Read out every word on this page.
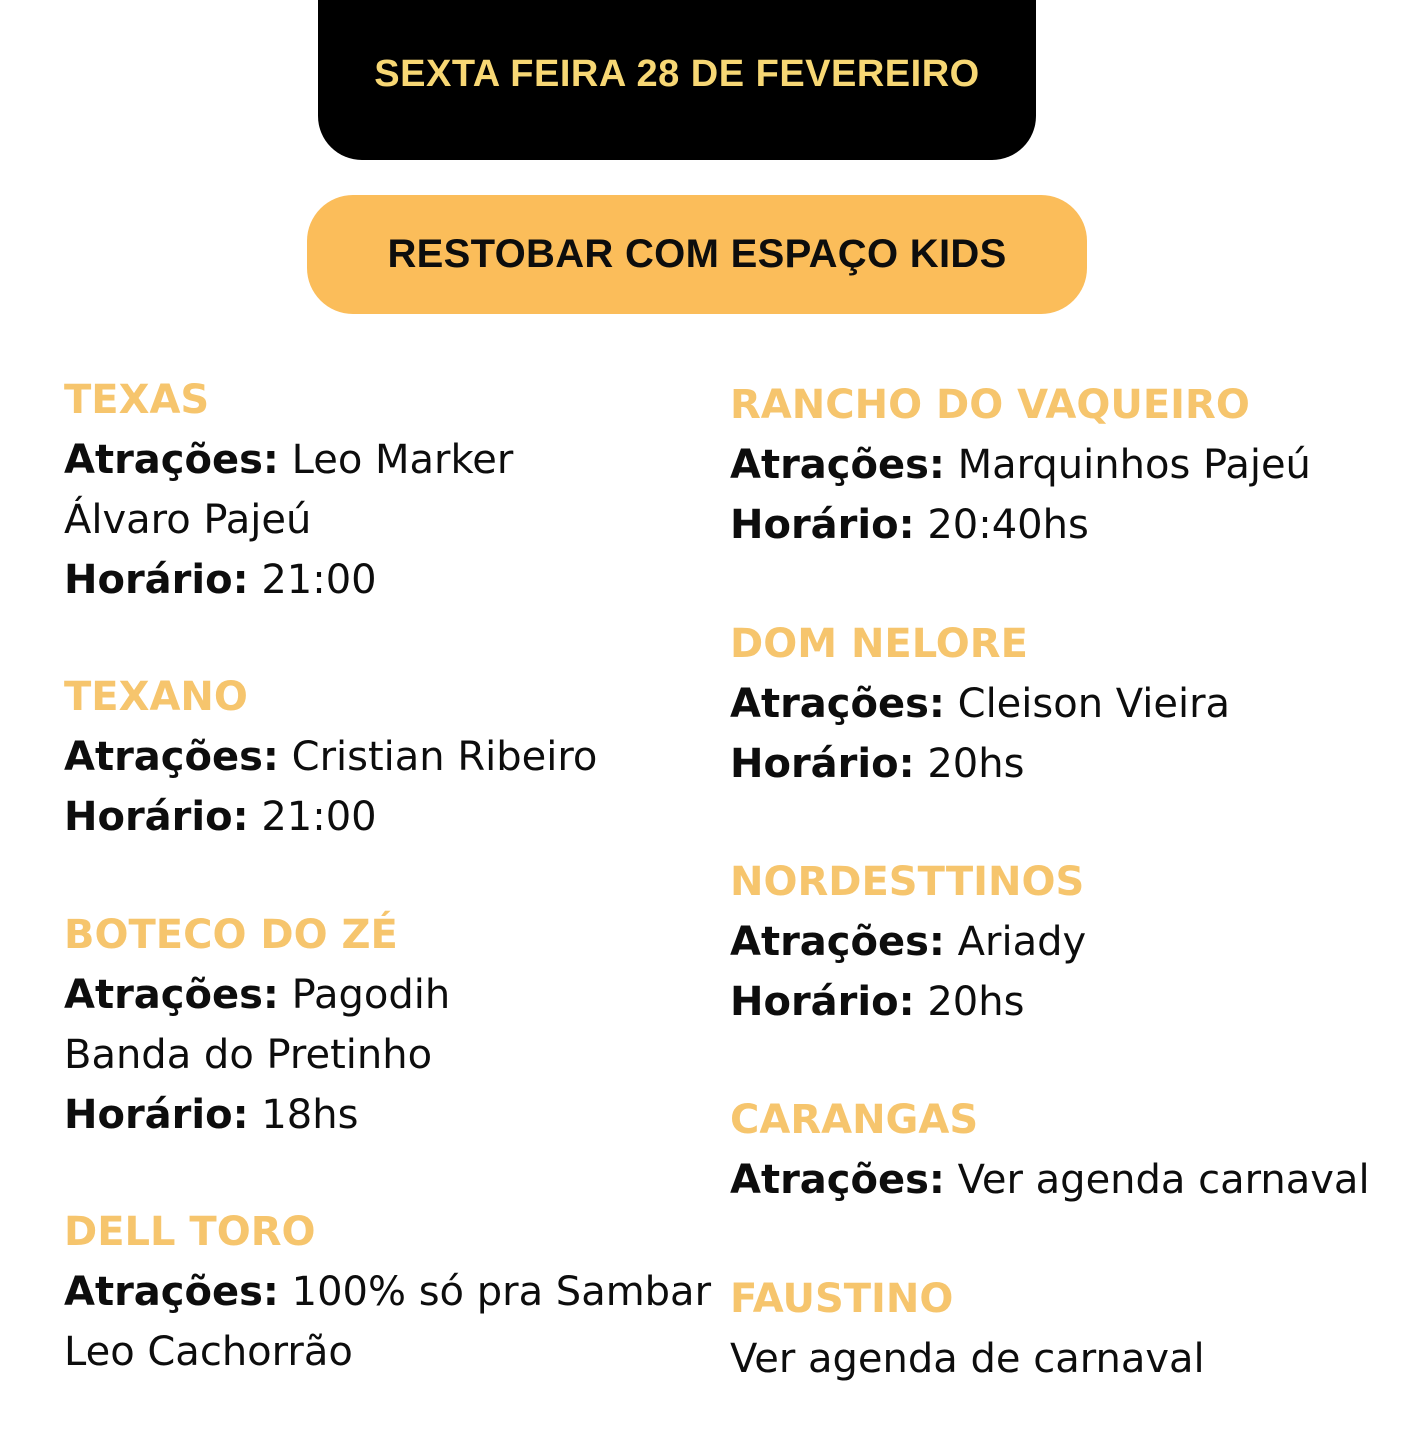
SEXTA FEIRA 28 DE FEVEREIRO
RESTOBAR COM ESPAÇO KIDS
TEXAS
Atrações: Leo Marker
Álvaro Pajeú
Horário: 21:00
TEXANO
Atrações: Cristian Ribeiro
Horário: 21:00
BOTECO DO ZÉ
Atrações: Pagodih
Banda do Pretinho
Horário: 18hs
DELL TORO
Atrações: 100% só pra Sambar
Leo Cachorrão
RANCHO DO VAQUEIRO
Atrações: Marquinhos Pajeú
Horário: 20:40hs
DOM NELORE
Atrações: Cleison Vieira
Horário: 20hs
NORDESTTINOS
Atrações: Ariady
Horário: 20hs
CARANGAS
Atrações: Ver agenda carnaval
FAUSTINO
Ver agenda de carnaval
